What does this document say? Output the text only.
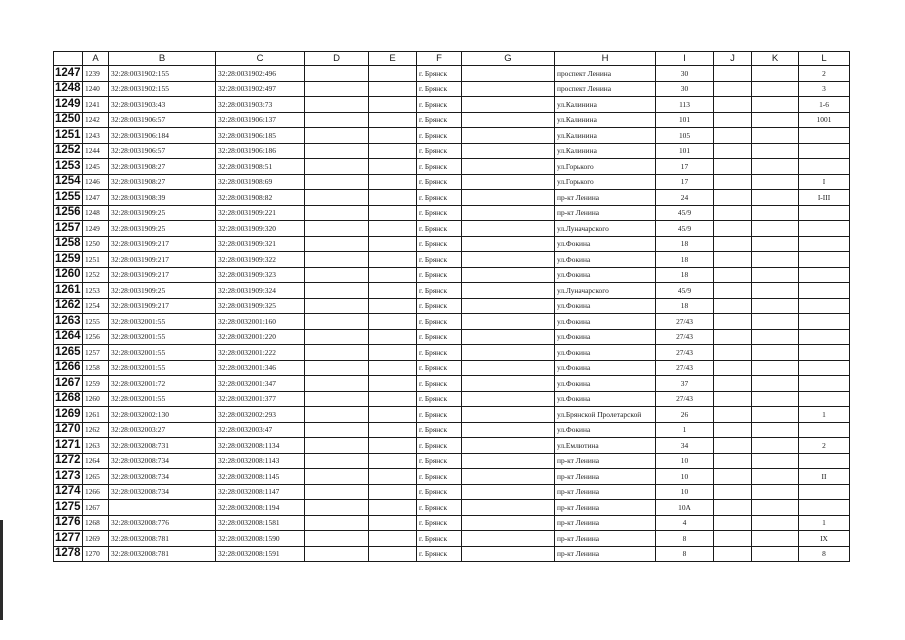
	A	B	C	D	E	F	G	H	I	J	K	L
1247	1239	32:28:0031902:155	32:28:0031902:496			г. Брянск		проспект Ленина	30			2
1248	1240	32:28:0031902:155	32:28:0031902:497			г. Брянск		проспект Ленина	30			3
1249	1241	32:28:0031903:43	32:28:0031903:73			г. Брянск		ул.Калинина	113			1-6
1250	1242	32:28:0031906:57	32:28:0031906:137			г. Брянск		ул.Калинина	101			1001
1251	1243	32:28:0031906:184	32:28:0031906:185			г. Брянск		ул.Калинина	105			
1252	1244	32:28:0031906:57	32:28:0031906:186			г. Брянск		ул.Калинина	101			
1253	1245	32:28:0031908:27	32:28:0031908:51			г. Брянск		ул.Горького	17			
1254	1246	32:28:0031908:27	32:28:0031908:69			г. Брянск		ул.Горького	17			I
1255	1247	32:28:0031908:39	32:28:0031908:82			г. Брянск		пр-кт Ленина	24			I-III
1256	1248	32:28:0031909:25	32:28:0031909:221			г. Брянск		пр-кт Ленина	45/9			
1257	1249	32:28:0031909:25	32:28:0031909:320			г. Брянск		ул.Луначарского	45/9			
1258	1250	32:28:0031909:217	32:28:0031909:321			г. Брянск		ул.Фокина	18			
1259	1251	32:28:0031909:217	32:28:0031909:322			г. Брянск		ул.Фокина	18			
1260	1252	32:28:0031909:217	32:28:0031909:323			г. Брянск		ул.Фокина	18			
1261	1253	32:28:0031909:25	32:28:0031909:324			г. Брянск		ул.Луначарского	45/9			
1262	1254	32:28:0031909:217	32:28:0031909:325			г. Брянск		ул.Фокина	18			
1263	1255	32:28:0032001:55	32:28:0032001:160			г. Брянск		ул.Фокина	27/43			
1264	1256	32:28:0032001:55	32:28:0032001:220			г. Брянск		ул.Фокина	27/43			
1265	1257	32:28:0032001:55	32:28:0032001:222			г. Брянск		ул.Фокина	27/43			
1266	1258	32:28:0032001:55	32:28:0032001:346			г. Брянск		ул.Фокина	27/43			
1267	1259	32:28:0032001:72	32:28:0032001:347			г. Брянск		ул.Фокина	37			
1268	1260	32:28:0032001:55	32:28:0032001:377			г. Брянск		ул.Фокина	27/43			
1269	1261	32:28:0032002:130	32:28:0032002:293			г. Брянск		ул.Брянской Пролетарской	26			1
1270	1262	32:28:0032003:27	32:28:0032003:47			г. Брянск		ул.Фокина	1			
1271	1263	32:28:0032008:731	32:28:0032008:1134			г. Брянск		ул.Емлютина	34			2
1272	1264	32:28:0032008:734	32:28:0032008:1143			г. Брянск		пр-кт Ленина	10			
1273	1265	32:28:0032008:734	32:28:0032008:1145			г. Брянск		пр-кт Ленина	10			II
1274	1266	32:28:0032008:734	32:28:0032008:1147			г. Брянск		пр-кт Ленина	10			
1275	1267		32:28:0032008:1194			г. Брянск		пр-кт Ленина	10А			
1276	1268	32:28:0032008:776	32:28:0032008:1581			г. Брянск		пр-кт Ленина	4			1
1277	1269	32:28:0032008:781	32:28:0032008:1590			г. Брянск		пр-кт Ленина	8			IX
1278	1270	32:28:0032008:781	32:28:0032008:1591			г. Брянск		пр-кт Ленина	8			8
